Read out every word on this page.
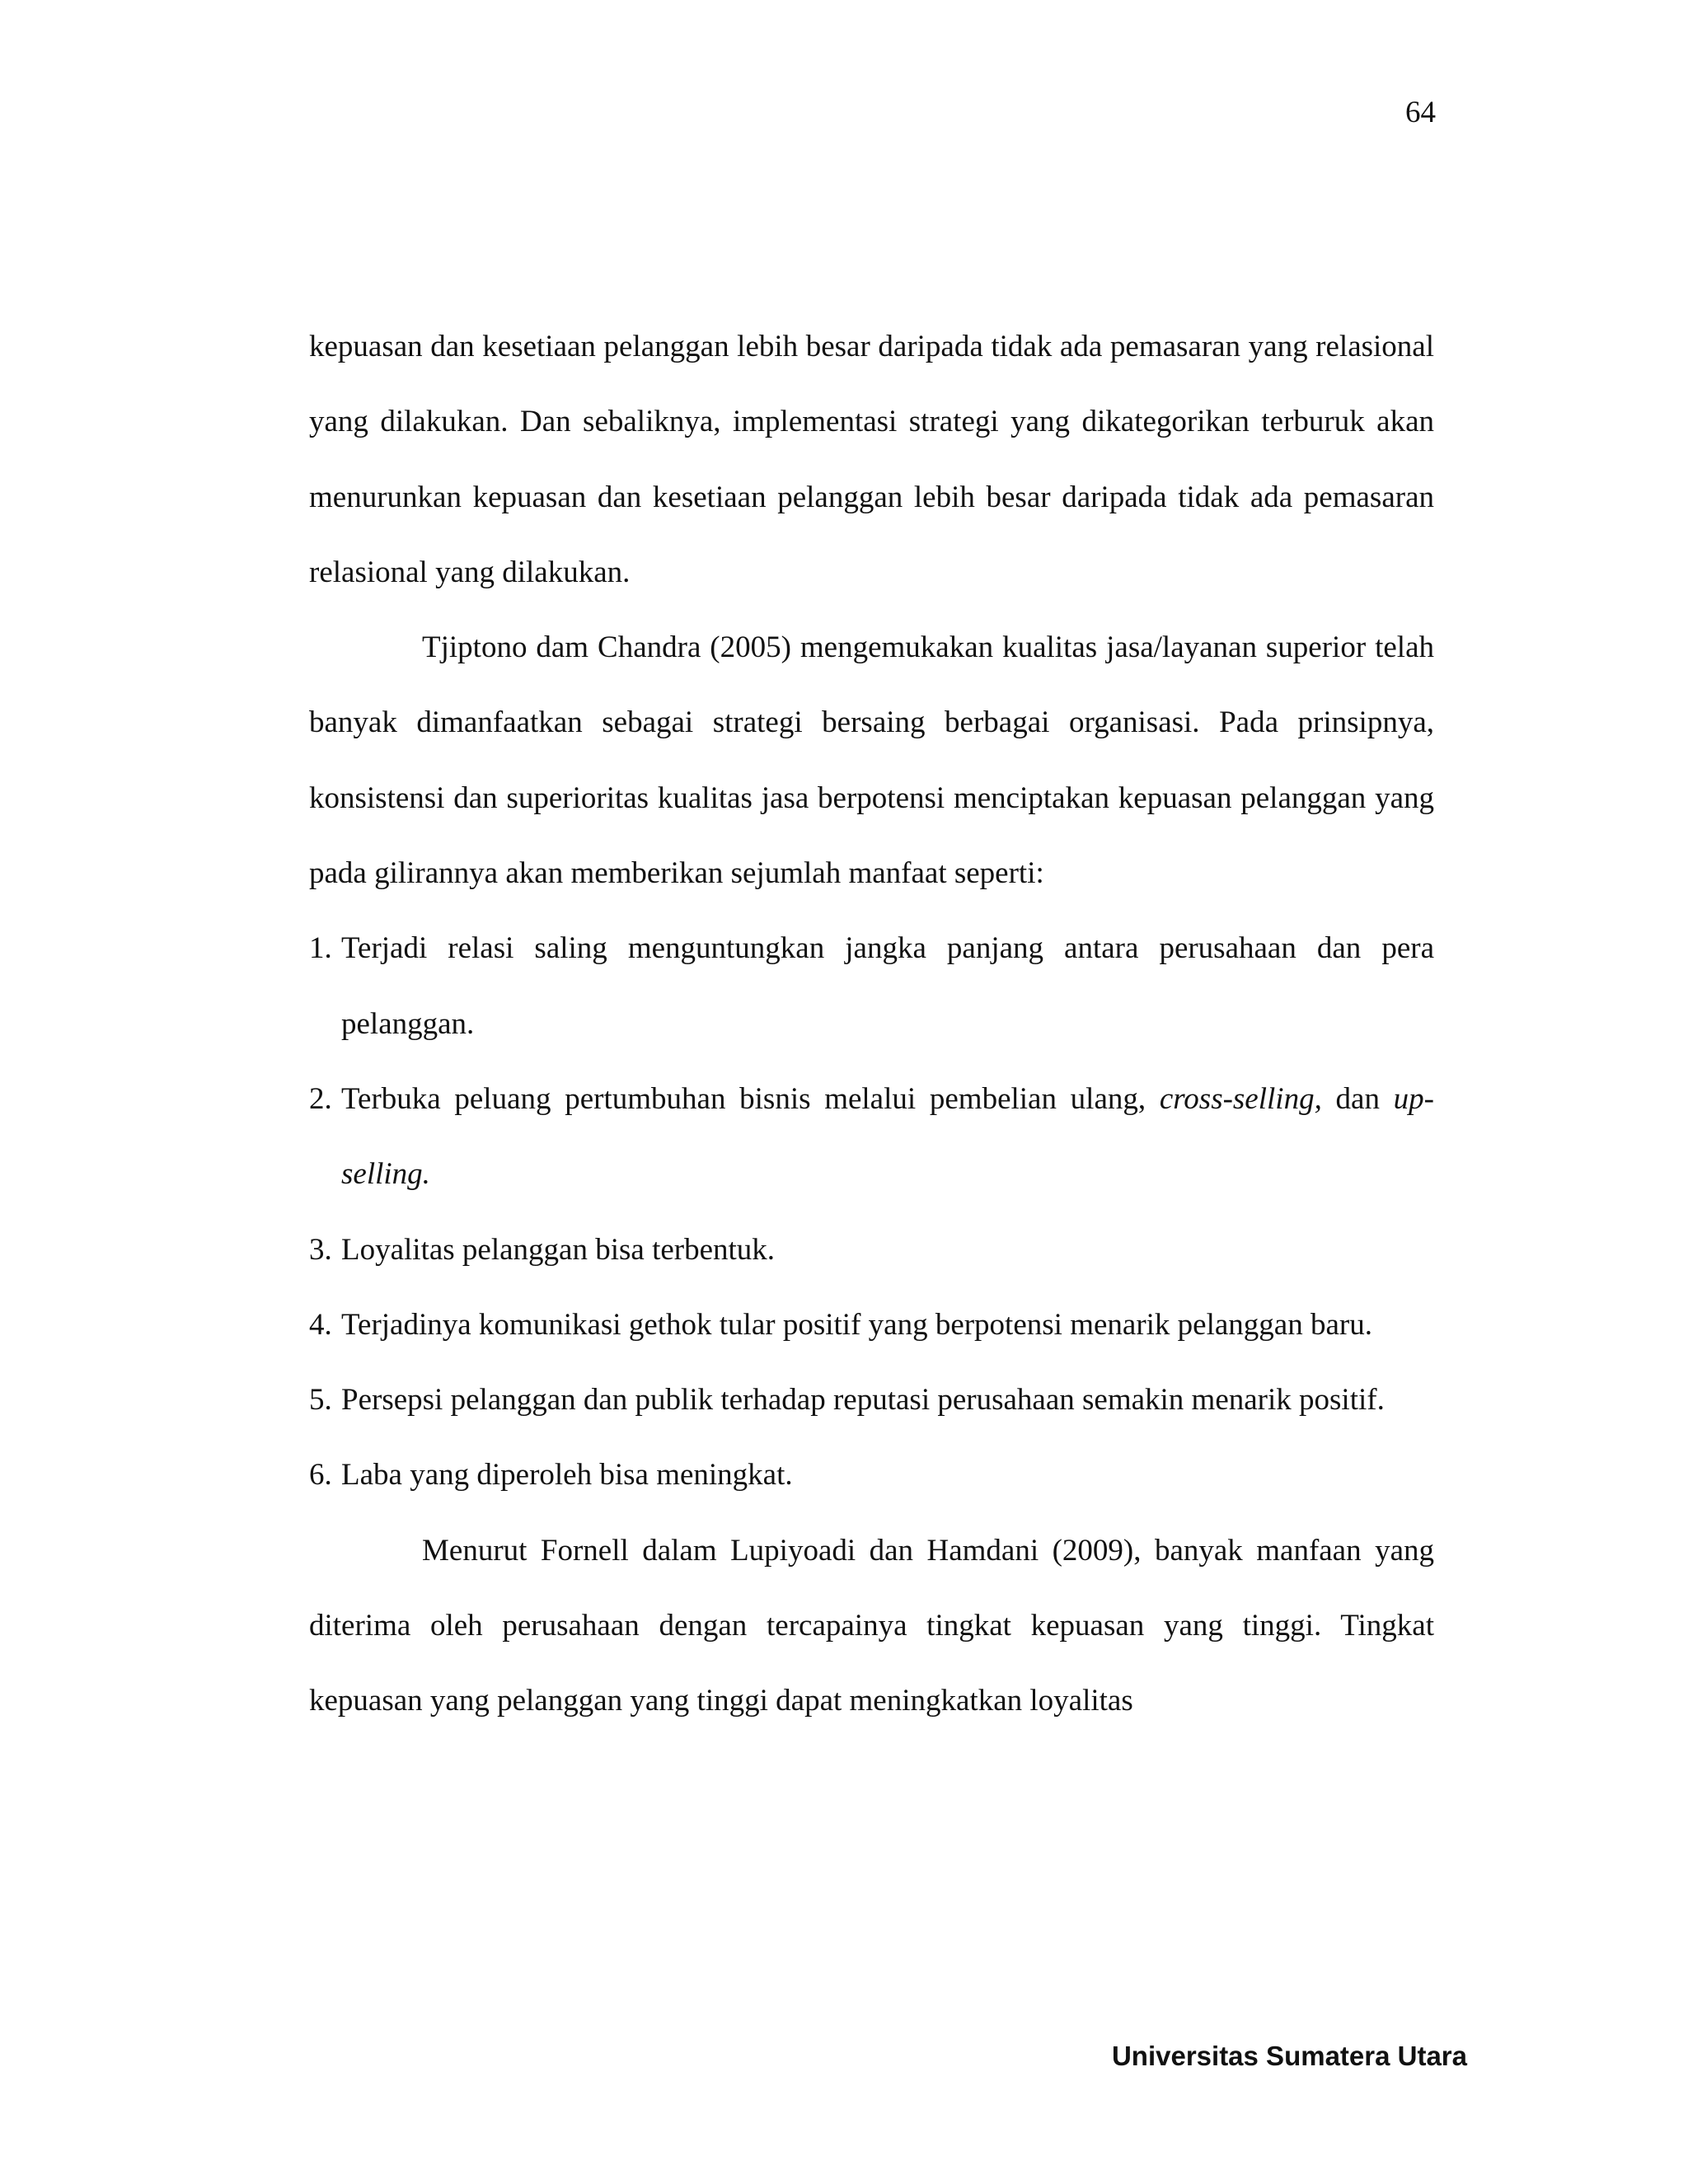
64

kepuasan dan kesetiaan pelanggan lebih besar daripada tidak ada pemasaran yang relasional yang dilakukan. Dan sebaliknya, implementasi strategi yang dikategorikan terburuk akan menurunkan kepuasan dan kesetiaan pelanggan lebih besar daripada tidak ada pemasaran relasional yang dilakukan.

Tjiptono dam Chandra (2005) mengemukakan kualitas jasa/layanan superior telah banyak dimanfaatkan sebagai strategi bersaing berbagai organisasi. Pada prinsipnya, konsistensi dan superioritas kualitas jasa berpotensi menciptakan kepuasan pelanggan yang pada gilirannya akan memberikan sejumlah manfaat seperti:

1. Terjadi relasi saling menguntungkan jangka panjang antara perusahaan dan pera pelanggan.
2. Terbuka peluang pertumbuhan bisnis melalui pembelian ulang, cross-selling, dan up-selling.
3. Loyalitas pelanggan bisa terbentuk.
4. Terjadinya komunikasi gethok tular positif yang berpotensi menarik pelanggan baru.
5. Persepsi pelanggan dan publik terhadap reputasi perusahaan semakin menarik positif.
6. Laba yang diperoleh bisa meningkat.

Menurut Fornell dalam Lupiyoadi dan Hamdani (2009), banyak manfaan yang diterima oleh perusahaan dengan tercapainya tingkat kepuasan yang tinggi. Tingkat kepuasan yang pelanggan yang tinggi dapat meningkatkan loyalitas

Universitas Sumatera Utara
